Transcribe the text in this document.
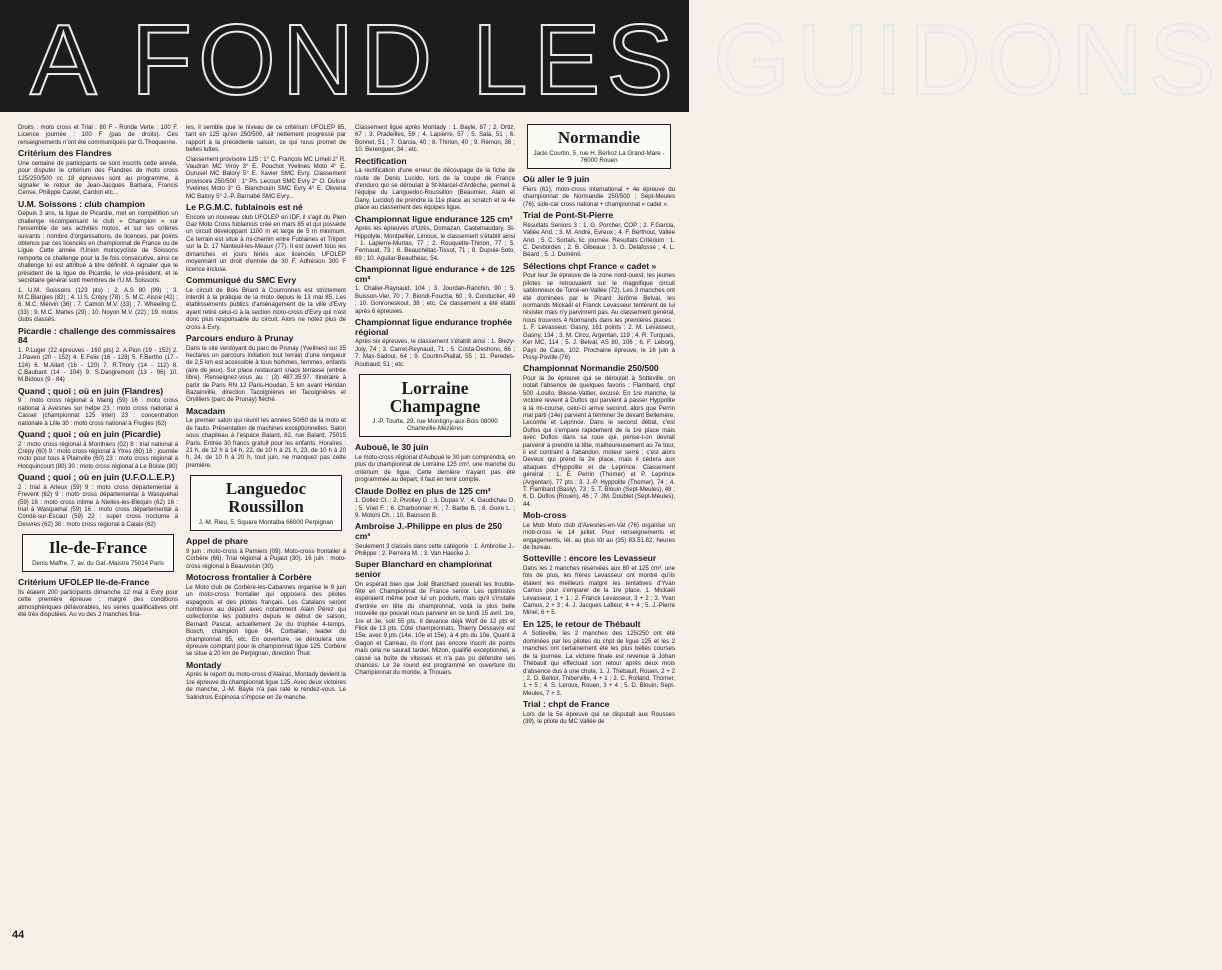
A FOND LES GUIDONS

Droits : moto cross et Trial : 80 F - Ronde Verte : 100 F. Licence journée : 100 F (pas de droits). Ces renseignements n'ont été communiqués par G.Thoquenne.

Critérium des Flandres

Une centaine de participants se sont inscrits cette année, pour disputer le critérium des Flandres de moto cross 125/250/500 cc 18 épreuves sont au programme, à signaler le retour de Jean-Jacques Barbara, Francis Cense, Philippe Castel, Cardon etc...

U.M. Soissons : club champion

Depuis 3 ans, la ligue de Picardie, met en compétition un challenge récompensant le club « Champion » sur l'ensemble de ses activités motos, et sur les critères suivants : nombre d'organisations, de licences, par points obtenus par ces licenciés en championnat de France ou de Ligue. Cette année l'Union motocycliste de Soissons remporte ce challenge pour la 3e fois consécutive, ainsi ce challenge lui est attribué à titre définitif. A signaler que le président de la ligue de Picardie, le vice-président, et le secrétaire général sont membres de l'U.M. Soissons.

1. U.M. Soissons (123 pts) ; 2. A.S 80 (99) ; 3. M.C.Blargies (82) ; 4. U.S. Crépy (78) ; 5. M.C. Aisne (42) ; 6. M.C. Mérvin (36) ; 7. Camon M.V. (33) ; 7. Wheeling C. (33) ; 9. M.C. Marles (29) ; 10. Noyon M.V. (22) ; 19. motos clubs classés.

Picardie : challenge des commissaires 84

1. P.Luger (22 épreuves - 160 pts) 2. A.Pion (19 - 152) 2. J.Paven (20 - 152) 4. E.Felix (16 - 128) 5. F.Bertho (17 - 124) 6. M.Allart (16 - 120) 7. R.Thory (14 - 112) 8. C.Baubant (14 - 104) 9. S.Dangremont (13 - 96) 10. M.Bidoux (9 - 84)

Quand ; quoi ; où en juin (Flandres)

9 : moto cross régional à Maing (59) 16 : moto cross national à Avesnes sur helpe 23 : moto cross national à Cassel (championnat 125 Inter) 23 : concentration nationale à Lille 30 : moto cross national à Frugies (62)

Quand ; quoi ; où en juin (Picardie)

2 : moto cross régional à Monthiers (02) 8 : trial national à Crépy (60) 9 : moto cross régional à Ytres (80) 16 : journée moto pour tous à Plainville (60) 23 : moto cross régional à Hocquincourt (80) 30 : moto cross régional à Le Boisle (80)

Quand ; quoi ; où en juin (U.F.O.L.E.P.)

2 : trial à Arleux (59) 9 : moto cross départemental à Frevent (62) 9 : moto cross départemental à Wasquehal (59) 16 : moto cross intime à Nielles-les-Bléquin (62) 16 : trial à Wasquehal (59) 16 : moto cross départemental à Condé-sur-Escaut (59) 22 : super cross nocturne à Desvres (62) 30 : moto cross régional à Calais (62)

Ile-de-France
Denis Maffre, 7, av. du Gal.-Maistre 75014 Paris
Critérium UFOLEP Ile-de-France

Ils étaient 200 participants dimanche 12 mai à Evry pour cette première épreuve ; malgré des conditions atmosphériques défavorables, les séries qualificatives ont été très disputées. Au vu des 2 manches fina-

les, il semble que le niveau de ce critérium UFOLEP 85, tant en 125 qu'en 250/500, ait nettement progressé par rapport à la précédente saison, ce qui nous promet de belles luttes.

Classement provisoire 125 : 1° C. François MC Limeil 2° R. Vaudran MC Viroy 3° E. Pouchot Yvelines Moto 4° E. Durusel MC Balory 5° E. Xavier SMC Evry. Classement provisoire 250/500 : 1° Ph. Lecourt SMC Evry 2° O. Dufour Yvelines Moto 3° G. Blanchouin SMC Evry 4° E. Oliveira MC Balory 5° J.-P. Barnabé SMC Evry...

Le P.G.M.C. fublainois est né

Encore un nouveau club UFOLEP en IDF, il s'agit du Plein Gaz Moto Cross fublainois créé en mars 85 et qui possède un circuit développant 1100 m et large de 5 m minimum. Ce terrain est situé à mi-chemin entre Fublaines et Trilport sur la D. 17 Nanteuil-les-Meaux (77). Il est ouvert tous les dimanches et jours fériés aux licenciés UFOLEP moyennant un droit d'entrée de 30 F. Adhésion 300 F licence incluse.

Communiqué du SMC Evry

Le circuit de Bois Briard à Courronnes est strictement interdit à la pratique de la moto depuis le 13 mai 85. Les établissements publics d'aménagement de la ville d'Evry ayant retiré celui-ci à la section moto-cross d'Evry qui n'est donc plus responsable du circuit. Alors ne notez plus de cross à Evry.

Parcours enduro à Prunay

Dans le site verdoyant du parc de Prunay (Yvelines) sur 35 hectares un parcours initiation tout terrain d'une longueur de 2,5 km est accessible à tous hommes, femmes, enfants (aire de jeux). Sur place restaurant snack terrasse (entrée libre). Renseignez-vous au : (3) 487.35.97. Itinéraire à partir de Paris RN 12 Paris-Houdan, 5 km avant Héridan Bazainville, direction Tacoignières en Tacoignières et Orvilliers (parc de Prunay) fléché.

Macadam

Le premier salon qui réunit les années 50/60 de la moto et de l'auto. Présentation de machines exceptionnelles. Salon sous chapiteau à l'espace Balard, 82, rue Balard, 75015 Paris. Entrée 30 francs gratuit pour les enfants. Horaires : 21 h, de 12 h à 14 h, 22, de 10 h à 21 h, 23, de 10 h à 20 h, 24, de 10 h à 20 h, tout juin, ne manquez pas cette première.

Languedoc Roussillon
J.-M. Rieu, 5, Square Montalba 66000 Perpignan
Appel de phare

9 juin : moto-cross à Pamiers (09). Moto-cross frontalier à Corbère (66). Trial régional à Pujaut (30). 16 juin : moto-cross régional à Beauvoisin (30).

Motocross frontalier à Corbère

Le Moto club de Corbère-les-Cabannes organise le 9 juin un moto-cross frontalier qui opposera des pilotes espagnols et des pilotes français. Les Catalans seront nombreux au départ avec notamment Alain Pérez qui collectionne les podiums depuis le début de saison, Bernard Pascal, actuellement 2e du trophée 4-temps, Bosch, champion ligue 84, Corballan, leader du championnat 85, etc. En ouverture, se déroulera une épreuve comptant pour le championnat ligue 125. Corbère se situe à 20 km de Perpignan, direction Thuir.

Montady

Après le report du moto-cross d'Alairac, Montady devient la 1re épreuve du championnat ligue 125. Avec deux victoires de manche, J.-M. Bayle n'a pas raté le rendez-vous. Le Salindrois Espinosa s'impose en 2e manche.

Classement ligue après Montady : 1. Bayle, 87 ; 2. Ortiz, 67 ; 3. Pradeilles, 59 ; 4. Lapierre, 57 ; 5. Sala, 51 ; 6. Bonnet, 51 ; 7. Garcia, 40 ; 8. Thirion, 40 ; 9. Rémon, 36 ; 10. Berenguer, 34 ; etc.

Rectification

La rectification d'une erreur de découpage de la fiche de route de Denis Lucido, lors de la coupe de France d'enduro qui se déroulait à St-Marcel-d'Ardèche, permet à l'équipe du Languedoc-Roussillon (Beaumier, Alain et Dany, Lucidol) de prendre la 11e place au scratch et la 4e place au classement des équipes ligue.

Championnat ligue endurance 125 cm³

Après les épreuves d'Uzès, Domazan, Castelnaudary, St-Hippolyte, Montpellier, Limoux, le classement s'établit ainsi : 1. Lapierre-Murtas, 77 ; 2. Rouquette-Thirion, 77 ; 5. Fermaud, 73 ; 6. Beauchêtac-Tissot, 71 ; 8. Dupuie-Soto, 69 ; 10. Aguilar-Beauthéac, 54.

Championnat ligue endurance + de 125 cm³

1. Chalier-Raynaud, 104 ; 3. Jourdan-Ranchin, 90 ; 5. Buisson-Vier, 70 ; 7. Biondi-Foucha, 60 ; 9. Conductier, 49 ; 10. Gonroneskoul, 38 ; etc. Ce classement a été établi après 6 épreuves.

Championnat ligue endurance trophée régional

Après six épreuves, le classement s'établit ainsi : 1. Blezy-Joly, 74 ; 3. Carret-Reynaud, 71 ; 5. Costa-Deshons, 66 ; 7. Mas-Sadoul, 64 ; 9. Courtin-Piallat, 55 ; 11. Peredes-Roubaud, 51 ; etc.

Lorraine Champagne
J.-P. Tourte, 29, rue Montigny-aux-Bois 08000 Charleville-Mézières
Auboué, le 30 juin

Le moto-cross régional d'Auboué le 30 juin comprendra, en plus du championnat de Lorraine 125 cm³, une manche du critérium de ligue. Cette dernière n'ayant pas été programmée au départ, il faut en tenir compte.

Claude Dollez en plus de 125 cm³

1. Dollez Cl. ; 2. Pivolley D. ; 3. Dupas V. ; 4. Gaudichau O. ; 5. Voet F. ; 6. Charbonnier H. ; 7. Barbe B. ; 8. Goire L. ; 9. Motoni Ch. ; 10. Bausson B.

Ambroise J.-Philippe en plus de 250 cm³

Seulement 3 classés dans cette catégorie : 1. Ambroise J.-Philippe ; 2. Perreira M. ; 3. Van Haecke J.

Super Blanchard en championnat senior

On espérait bien que Joël Blanchard jouerait les trouble-fête en Championnat de France senior. Les optimistes espéraient même pour lui un podium, mais qu'il s'installe d'entrée en tête du championnat, voilà la plus belle nouvelle qui pouvait nous parvenir en ce lundi 15 avril. 1re, 1re et 3e, soit 55 pts. Il devance déjà Wolf de 12 pts et Flick de 13 pts. Côté championnats, Thierry Dessavre est 15e, avec 9 pts (14e, 10e et 15e), à 4 pts du 10e. Quant à Gagon et Carreau, ils n'ont pas encore inscrit de points mais cela ne saurait tarder. Mizon, qualifié exceptionnel, a cassé sa boîte de vitesses et n'a pas pu défendre ses chances. Le 2e round est programmé en ouverture du Championnat du monde, à Thouars.

Normandie
Jacki Courtin, 5, rue H. Berlioz La Grand-Mare - 76000 Rouen
Où aller le 9 juin

Flers (61), moto-cross international + 4e épreuve du championnat de Normandie 250/500 ; Sept-Meules (76), side-car cross national + championnat « cadet ».

Trial de Pont-St-Pierre

Résultats Seniors 3 : 1. G. Porcher, COP ; 2. F.Garcia, Vallée And. ; 3. M. André, Evreux ; 4. F. Berthout, Vallée And. ; 5. C. Sortais, lic. journée. Résultats Critérium : 1. C. Desbordes ; 2. B. Gibeaux ; 3. G. Delafosse ; 4. L. Béard ; 5. J. Duménil.

Sélections chpt France « cadet »

Pour leur 3e épreuve de la zone nord-ouest, les jeunes pilotes se retrouvaient sur le magnifique circuit sablonneux de Torcé-en-Vallée (72). Les 3 manches ont été dominées par le Picard Jérôme Belval, les normands Mickaël et Franck Levasseur tentèrent de lui résister mais n'y parvinrent pas. Au classement général, nous trouvons 4 Normands dans les premières places : 1. F. Levasseur, Gasny, 161 points ; 2. M. Levasseur, Gasny, 134 ; 3. M. Circu, Argentan, 119 ; 4. R. Turquais, Ker MC, 114 ; 5. J. Belval, AS 80, 106 ; 6. F. Leborg, Pays de Caux, 102. Prochaine épreuve, le 16 juin à Pissy-Poville (76)

Championnat Normandie 250/500

Pour la 3e épreuve qui se déroulait à Sotteville, on notait l'absence de quelques favoris : Flambard, chpt 500 -Losito, Blesse-Vattier, excusé. En 1re manche, la victoire revient à Duflos qui parvient à passer Hyppolite à la mi-course, celui-ci arrive second, alors que Perrin mal parti (14e) parvient à terminer 3e devant Bellemère, Lecomte et Leprince. Dans le second débat, c'est Duflos qui s'empare rapidement de la 1re place mais avec Duflos dans sa roue qui, pense-t-on devrait parvenir à prendre la tête, malheureusement au 7e tour, il est contraint à l'abandon, moteur serré ; c'est alors Deveux qui prend la 2e place, mais il cèdera aux attaques d'Hyppolite et de Leprince. Classement général : 1. E. Perrin (Thomer) et P. Leprince (Argentan), 77 pts ; 3. J.-P. Hyppolite (Thomer), 74 ; 4. T. Flambard (Basly), 73 ; 5. T. Blouin (Sept-Meules), 48 ; 6. D. Duflos (Rouen), 46 ; 7. JM. Doublet (Sept-Meules), 44.

Mob-cross

Le Mob Moto club d'Avesnes-en-Val (76) organise un mob-cross le 14 juillet. Pour renseignements et engagements, tél. au plus tôt au (35) 83.51.82, heures de bureau.

Sotteville : encore les Levasseur

Dans les 2 manches réservées aux 80 et 125 cm³, une fois de plus, les frères Levasseur ont montré qu'ils étaient les meilleurs malgré les tentatives d'Yvan Camus pour s'emparer de la 1re place. 1. Mickaël Levasseur, 1 + 1 ; 2. Franck Levasseur, 3 + 2 ; 3. Yvan Camus, 2 + 3 ; 4. J. Jacques Lafleur, 4 + 4 ; 5. J.-Pierre Minel, 6 + 5.

En 125, le retour de Thébault

A Sotteville, les 2 manches des 125/250 ont été dominées par les pilotes du chpt de ligue 125 et les 2 manches ont certainement été les plus belles courses de la journée. La victoire finale est revenue à Johan Thébault qui effectuait son retour après deux mois d'absence dus à une chute. 1. J. Thébault, Rouen, 2 + 2 ; 2. D. Belloir, Thiberville, 4 + 1 ; 3. C. Rolland, Thomer, 1 + 5 ; 4. S. Leroux, Rouen, 3 + 4 ; 5. D. Blouin, Sept-Meules, 7 + 3.

Trial : chpt de France

Lors de la 5e épreuve qui se disputait aux Rousses (39), le pilote du MC Vallée de

44
